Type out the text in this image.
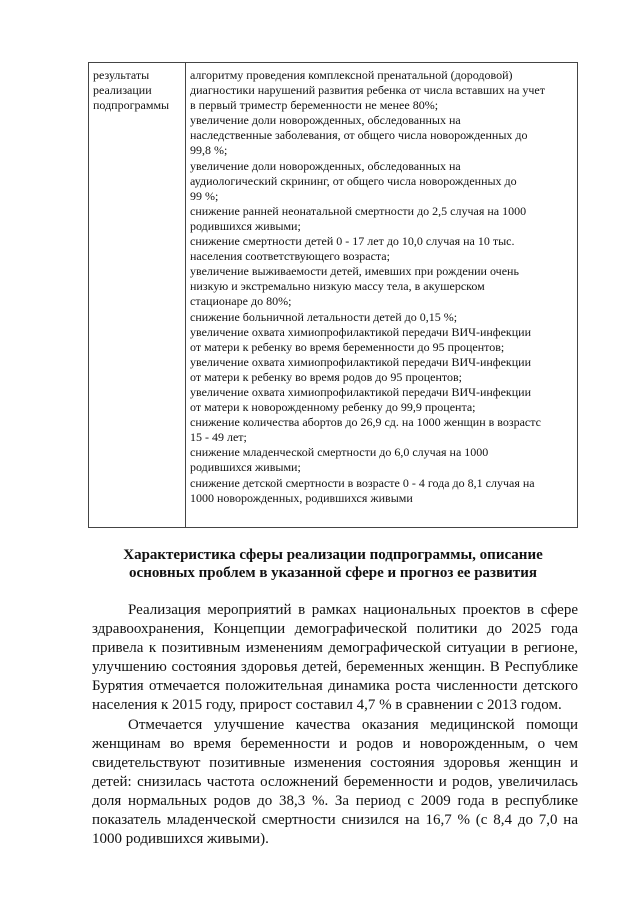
результаты
реализации
подпрограммы
алгоритму проведения комплексной пренатальной (дородовой)
диагностики нарушений развития ребенка от числа вставших на учет
в первый триместр беременности не менее 80%;
увеличение доли новорожденных, обследованных на
наследственные заболевания, от общего числа новорожденных до
99,8 %;
увеличение доли новорожденных, обследованных на
аудиологический скрининг, от общего числа новорожденных до
99 %;
снижение ранней неонатальной смертности до 2,5 случая на 1000
родившихся живыми;
снижение смертности детей 0 - 17 лет до 10,0 случая на 10 тыс.
населения соответствующего возраста;
увеличение выживаемости детей, имевших при рождении очень
низкую и экстремально низкую массу тела, в акушерском
стационаре до 80%;
снижение больничной летальности детей до 0,15 %;
увеличение охвата химиопрофилактикой передачи ВИЧ-инфекции
от матери к ребенку во время беременности до 95 процентов;
увеличение охвата химиопрофилактикой передачи ВИЧ-инфекции
от матери к ребенку во время родов до 95 процентов;
увеличение охвата химиопрофилактикой передачи ВИЧ-инфекции
от матери к новорожденному ребенку до 99,9 процента;
снижение количества абортов до 26,9 сд. на 1000 женщин в возрастс
15 - 49 лет;
снижение младенческой смертности до 6,0 случая на 1000
родившихся живыми;
снижение детской смертности в возрасте 0 - 4 года до 8,1 случая на
1000 новорожденных, родившихся живыми
Характеристика сферы реализации подпрограммы, описание
основных проблем в указанной сфере и прогноз ее развития

Реализация мероприятий в рамках национальных проектов в сфере здравоохранения, Концепции демографической политики до 2025 года привела к позитивным изменениям демографической ситуации в регионе, улучшению состояния здоровья детей, беременных женщин. В Республике Бурятия отмечается положительная динамика роста численности детского населения к 2015 году, прирост составил 4,7 % в сравнении с 2013 годом.

Отмечается улучшение качества оказания медицинской помощи женщинам во время беременности и родов и новорожденным, о чем свидетельствуют позитивные изменения состояния здоровья женщин и детей: снизилась частота осложнений беременности и родов, увеличилась доля нормальных родов до 38,3 %. За период с 2009 года в республике показатель младенческой смертности снизился на 16,7 % (с 8,4 до 7,0 на 1000 родившихся живыми).
